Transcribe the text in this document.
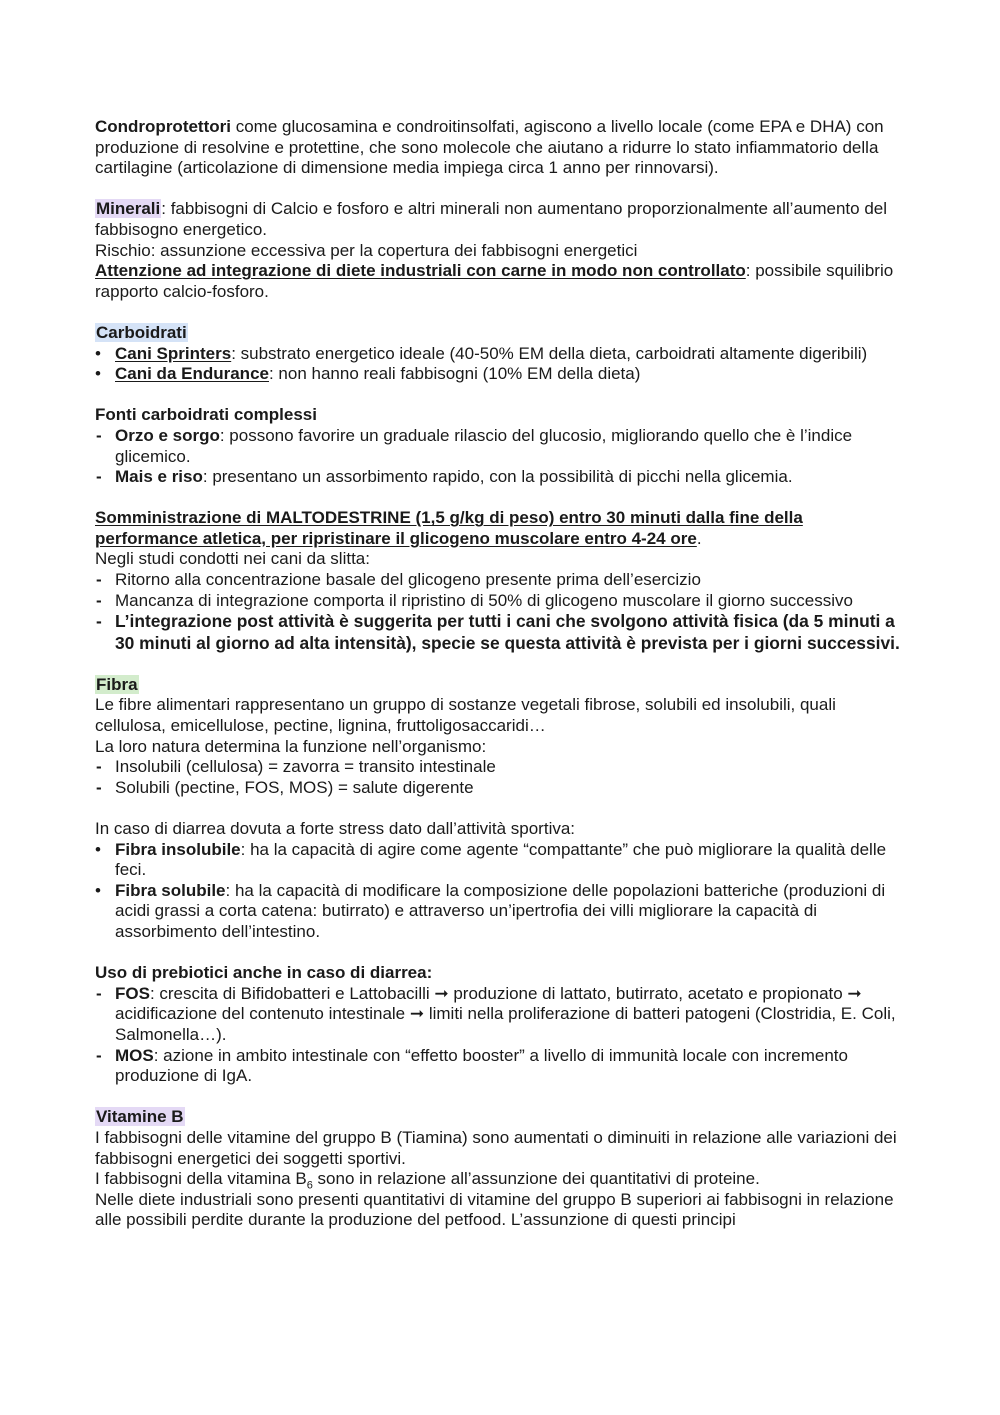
Condroprotettori come glucosamina e condroitinsolfati, agiscono a livello locale (come EPA e DHA) con produzione di resolvine e protettine, che sono molecole che aiutano a ridurre lo stato infiammatorio della cartilagine (articolazione di dimensione media impiega circa 1 anno per rinnovarsi).

Minerali: fabbisogni di Calcio e fosforo e altri minerali non aumentano proporzionalmente all’aumento del fabbisogno energetico.

Rischio: assunzione eccessiva per la copertura dei fabbisogni energetici

Attenzione ad integrazione di diete industriali con carne in modo non controllato: possibile squilibrio rapporto calcio-fosforo.

Carboidrati

•
Cani Sprinters: substrato energetico ideale (40-50% EM della dieta, carboidrati altamente digeribili)
•
Cani da Endurance: non hanno reali fabbisogni (10% EM della dieta)

Fonti carboidrati complessi

-
Orzo e sorgo: possono favorire un graduale rilascio del glucosio, migliorando quello che è l’indice glicemico.
-
Mais e riso: presentano un assorbimento rapido, con la possibilità di picchi nella glicemia.

Somministrazione di MALTODESTRINE (1,5 g/kg di peso) entro 30 minuti dalla fine della performance atletica, per ripristinare il glicogeno muscolare entro 4-24 ore.

Negli studi condotti nei cani da slitta:

-
Ritorno alla concentrazione basale del glicogeno presente prima dell’esercizio
-
Mancanza di integrazione comporta il ripristino di 50% di glicogeno muscolare il giorno successivo
-
L’integrazione post attività è suggerita per tutti i cani che svolgono attività fisica (da 5 minuti a 30 minuti al giorno ad alta intensità), specie se questa attività è prevista per i giorni successivi.

Fibra

Le fibre alimentari rappresentano un gruppo di sostanze vegetali fibrose, solubili ed insolubili, quali cellulosa, emicellulose, pectine, lignina, fruttoligosaccaridi…

La loro natura determina la funzione nell’organismo:

-
Insolubili (cellulosa) = zavorra = transito intestinale
-
Solubili (pectine, FOS, MOS) = salute digerente

In caso di diarrea dovuta a forte stress dato dall’attività sportiva:

•
Fibra insolubile: ha la capacità di agire come agente “compattante” che può migliorare la qualità delle feci.
•
Fibra solubile: ha la capacità di modificare la composizione delle popolazioni batteriche (produzioni di acidi grassi a corta catena: butirrato) e attraverso un’ipertrofia dei villi migliorare la capacità di assorbimento dell’intestino.

Uso di prebiotici anche in caso di diarrea:

-
FOS: crescita di Bifidobatteri e Lattobacilli ➞ produzione di lattato, butirrato, acetato e propionato ➞ acidificazione del contenuto intestinale ➞ limiti nella proliferazione di batteri patogeni (Clostridia, E. Coli, Salmonella…).
-
MOS: azione in ambito intestinale con “effetto booster” a livello di immunità locale con incremento produzione di IgA.

Vitamine B

I fabbisogni delle vitamine del gruppo B (Tiamina) sono aumentati o diminuiti in relazione alle variazioni dei fabbisogni energetici dei soggetti sportivi.

I fabbisogni della vitamina $B_6$ sono in relazione all’assunzione dei quantitativi di proteine.

Nelle diete industriali sono presenti quantitativi di vitamine del gruppo B superiori ai fabbisogni in relazione alle possibili perdite durante la produzione del petfood. L’assunzione di questi principi
